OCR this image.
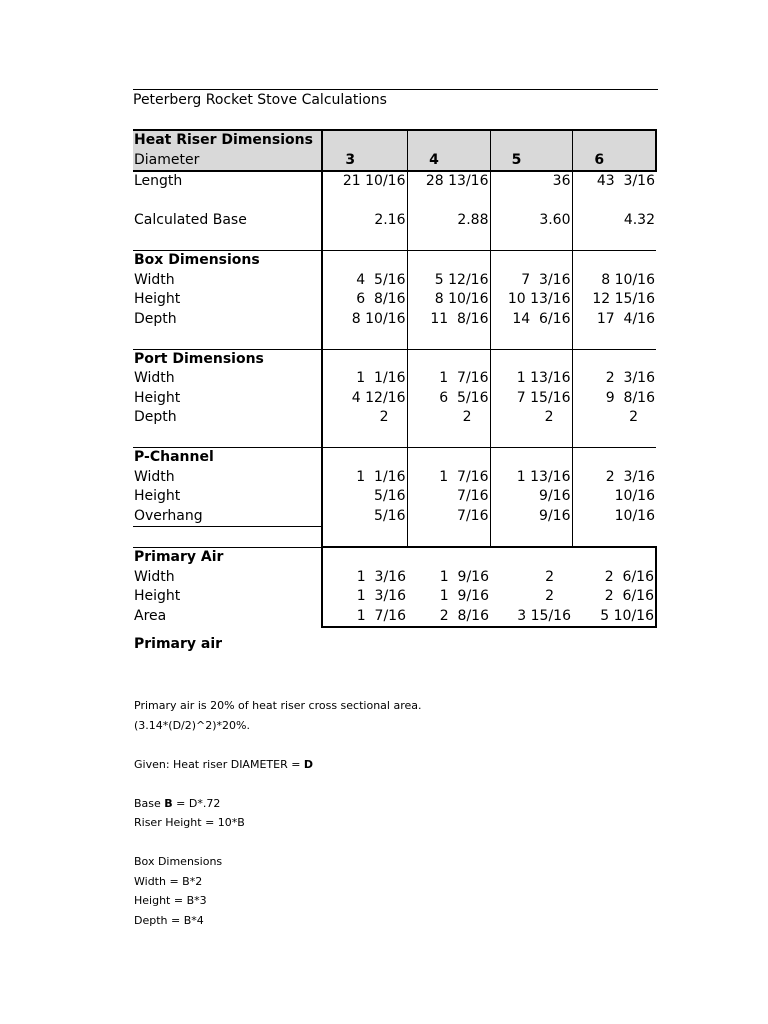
Peterberg Rocket Stove Calculations
Heat Riser Dimensions				
Diameter	3	4	5	6
Length	21 10/16	28 13/16	36	43  3/16

Calculated Base	2.16	2.88	3.60	4.32

Box Dimensions				
Width	4  5/16	5 12/16	7  3/16	8 10/16
Height	6  8/16	8 10/16	10 13/16	12 15/16
Depth	8 10/16	11  8/16	14  6/16	17  4/16

Port Dimensions				
Width	1  1/16	1  7/16	1 13/16	2  3/16
Height	4 12/16	6  5/16	7 15/16	9  8/16
Depth	2	2	2	2

P-Channel				
Width	1  1/16	1  7/16	1 13/16	2  3/16
Height	5/16	7/16	9/16	10/16
Overhang	5/16	7/16	9/16	10/16

Primary Air				
Width	1  3/16	1  9/16	2	2  6/16
Height	1  3/16	1  9/16	2	2  6/16
Area	1  7/16	2  8/16	3 15/16	5 10/16
Primary air

Primary air is 20% of heat riser cross sectional area.

(3.14*(D/2)^2)*20%.

Given: Heat riser DIAMETER = D

Base B = D*.72

Riser Height = 10*B

Box Dimensions

Width = B*2

Height = B*3

Depth = B*4
